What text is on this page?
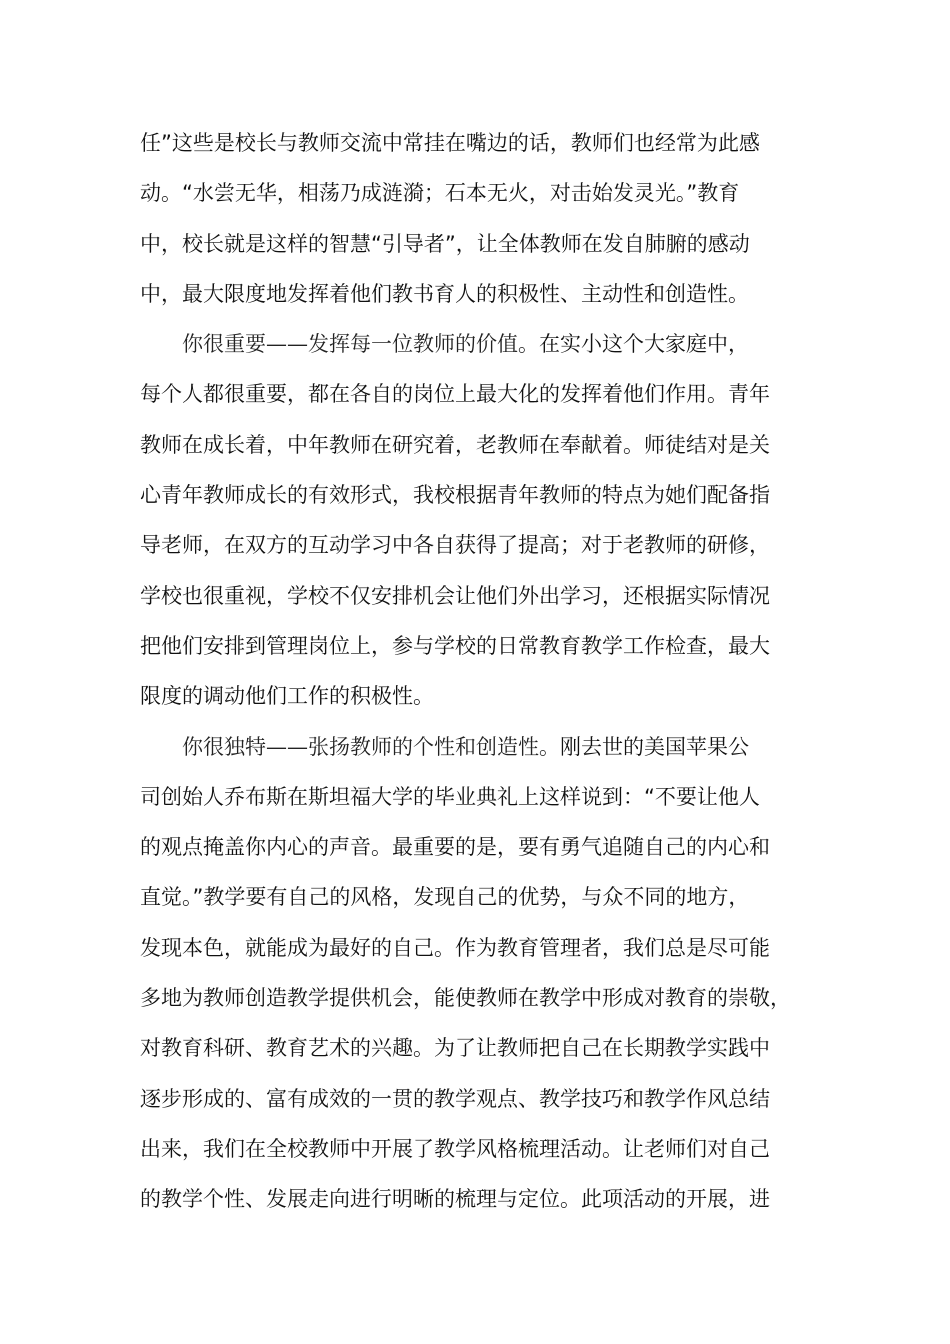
任”这些是校长与教师交流中常挂在嘴边的话，教师们也经常为此感
动。“水尝无华，相荡乃成涟漪；石本无火，对击始发灵光。”教育
中，校长就是这样的智慧“引导者”，让全体教师在发自肺腑的感动
中，最大限度地发挥着他们教书育人的积极性、主动性和创造性。
你很重要——发挥每一位教师的价值。在实小这个大家庭中，
每个人都很重要，都在各自的岗位上最大化的发挥着他们作用。青年
教师在成长着，中年教师在研究着，老教师在奉献着。师徒结对是关
心青年教师成长的有效形式，我校根据青年教师的特点为她们配备指
导老师，在双方的互动学习中各自获得了提高；对于老教师的研修，
学校也很重视，学校不仅安排机会让他们外出学习，还根据实际情况
把他们安排到管理岗位上，参与学校的日常教育教学工作检查，最大
限度的调动他们工作的积极性。
你很独特——张扬教师的个性和创造性。刚去世的美国苹果公
司创始人乔布斯在斯坦福大学的毕业典礼上这样说到：“不要让他人
的观点掩盖你内心的声音。最重要的是，要有勇气追随自己的内心和
直觉。”教学要有自己的风格，发现自己的优势，与众不同的地方，
发现本色，就能成为最好的自己。作为教育管理者，我们总是尽可能
多地为教师创造教学提供机会，能使教师在教学中形成对教育的崇敬，
对教育科研、教育艺术的兴趣。为了让教师把自己在长期教学实践中
逐步形成的、富有成效的一贯的教学观点、教学技巧和教学作风总结
出来，我们在全校教师中开展了教学风格梳理活动。让老师们对自己
的教学个性、发展走向进行明晰的梳理与定位。此项活动的开展，进
